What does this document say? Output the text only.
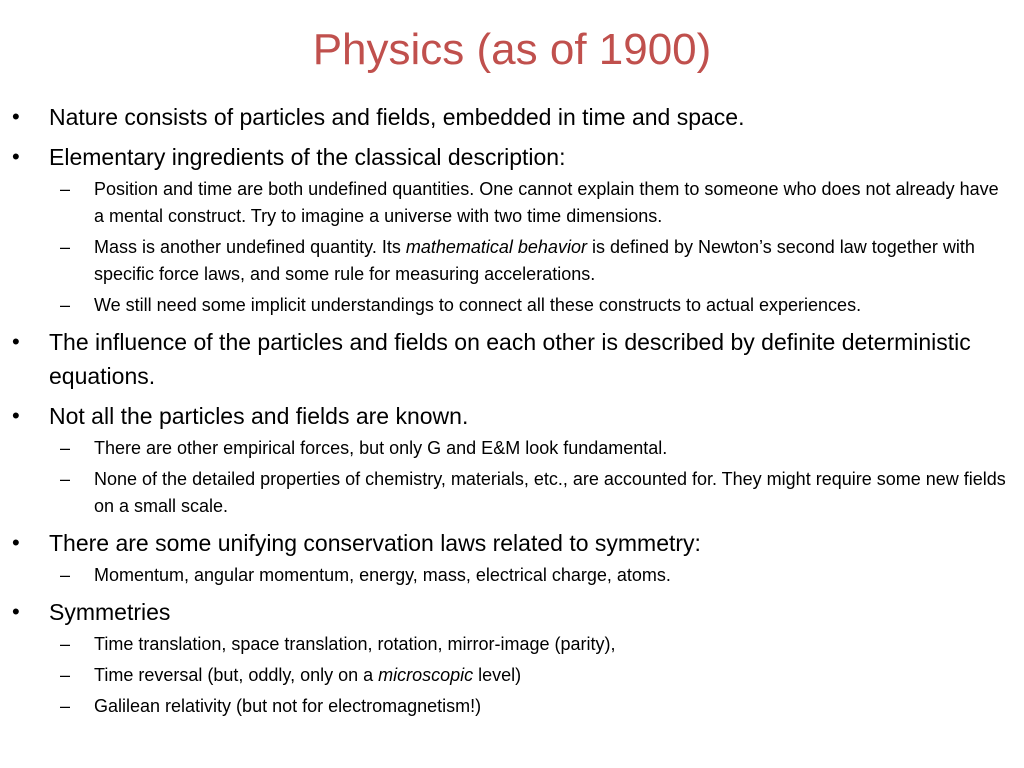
Physics (as of 1900)
• Nature consists of particles and fields, embedded in time and space.
• Elementary ingredients of the classical description:
– Position and time are both undefined quantities. One cannot explain them to someone who does not already have a mental construct. Try to imagine a universe with two time dimensions.
– Mass is another undefined quantity. Its mathematical behavior is defined by Newton’s second law together with specific force laws, and some rule for measuring accelerations.
– We still need some implicit understandings to connect all these constructs to actual experiences.
• The influence of the particles and fields on each other is described by definite deterministic equations.
• Not all the particles and fields are known.
– There are other empirical forces, but only G and E&M look fundamental.
– None of the detailed properties of chemistry, materials, etc., are accounted for. They might require some new fields on a small scale.
• There are some unifying conservation laws related to symmetry:
– Momentum, angular momentum, energy, mass, electrical charge, atoms.
• Symmetries
– Time translation, space translation, rotation, mirror-image (parity),
– Time reversal (but, oddly, only on a microscopic level)
– Galilean relativity (but not for electromagnetism!)
